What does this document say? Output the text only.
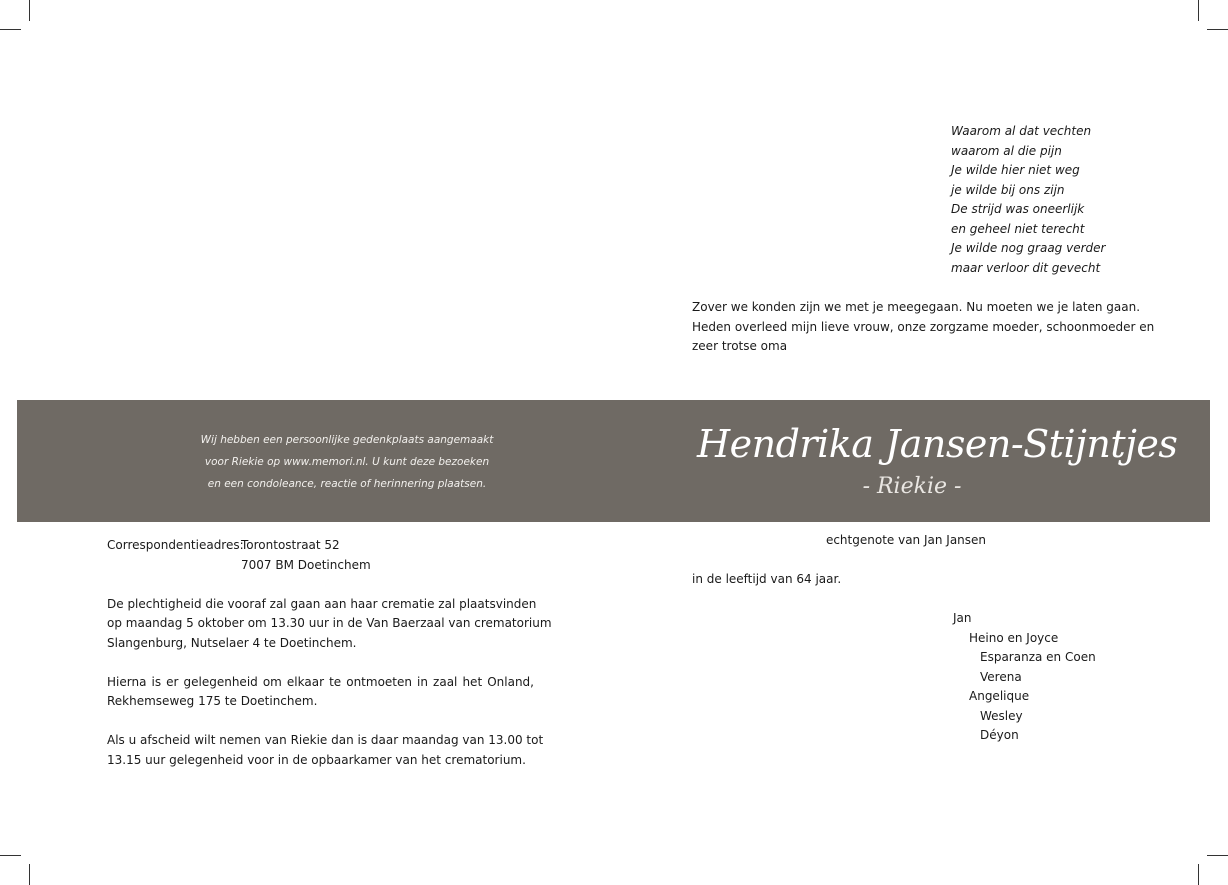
Waarom al dat vechten
waarom al die pijn
Je wilde hier niet weg
je wilde bij ons zijn
De strijd was oneerlijk
en geheel niet terecht
Je wilde nog graag verder
maar verloor dit gevecht
Zover we konden zijn we met je meegegaan. Nu moeten we je laten gaan.
Heden overleed mijn lieve vrouw, onze zorgzame moeder, schoonmoeder en
zeer trotse oma
Wij hebben een persoonlijke gedenkplaats aangemaakt
voor Riekie op www.memori.nl. U kunt deze bezoeken
en een condoleance, reactie of herinnering plaatsen.
Hendrika Jansen-Stijntjes
- Riekie -
Correspondentieadres:
Torontostraat 52
7007 BM Doetinchem
De plechtigheid die vooraf zal gaan aan haar crematie zal plaatsvinden
op maandag 5 oktober om 13.30 uur in de Van Baerzaal van crematorium
Slangenburg, Nutselaer 4 te Doetinchem.
Hierna is er gelegenheid om elkaar te ontmoeten in zaal het Onland,
Rekhemseweg 175 te Doetinchem.
Als u afscheid wilt nemen van Riekie dan is daar maandag van 13.00 tot
13.15 uur gelegenheid voor in de opbaarkamer van het crematorium.
echtgenote van Jan Jansen
in de leeftijd van 64 jaar.
Jan
Heino en Joyce
Esparanza en Coen
Verena
Angelique
Wesley
Déyon
